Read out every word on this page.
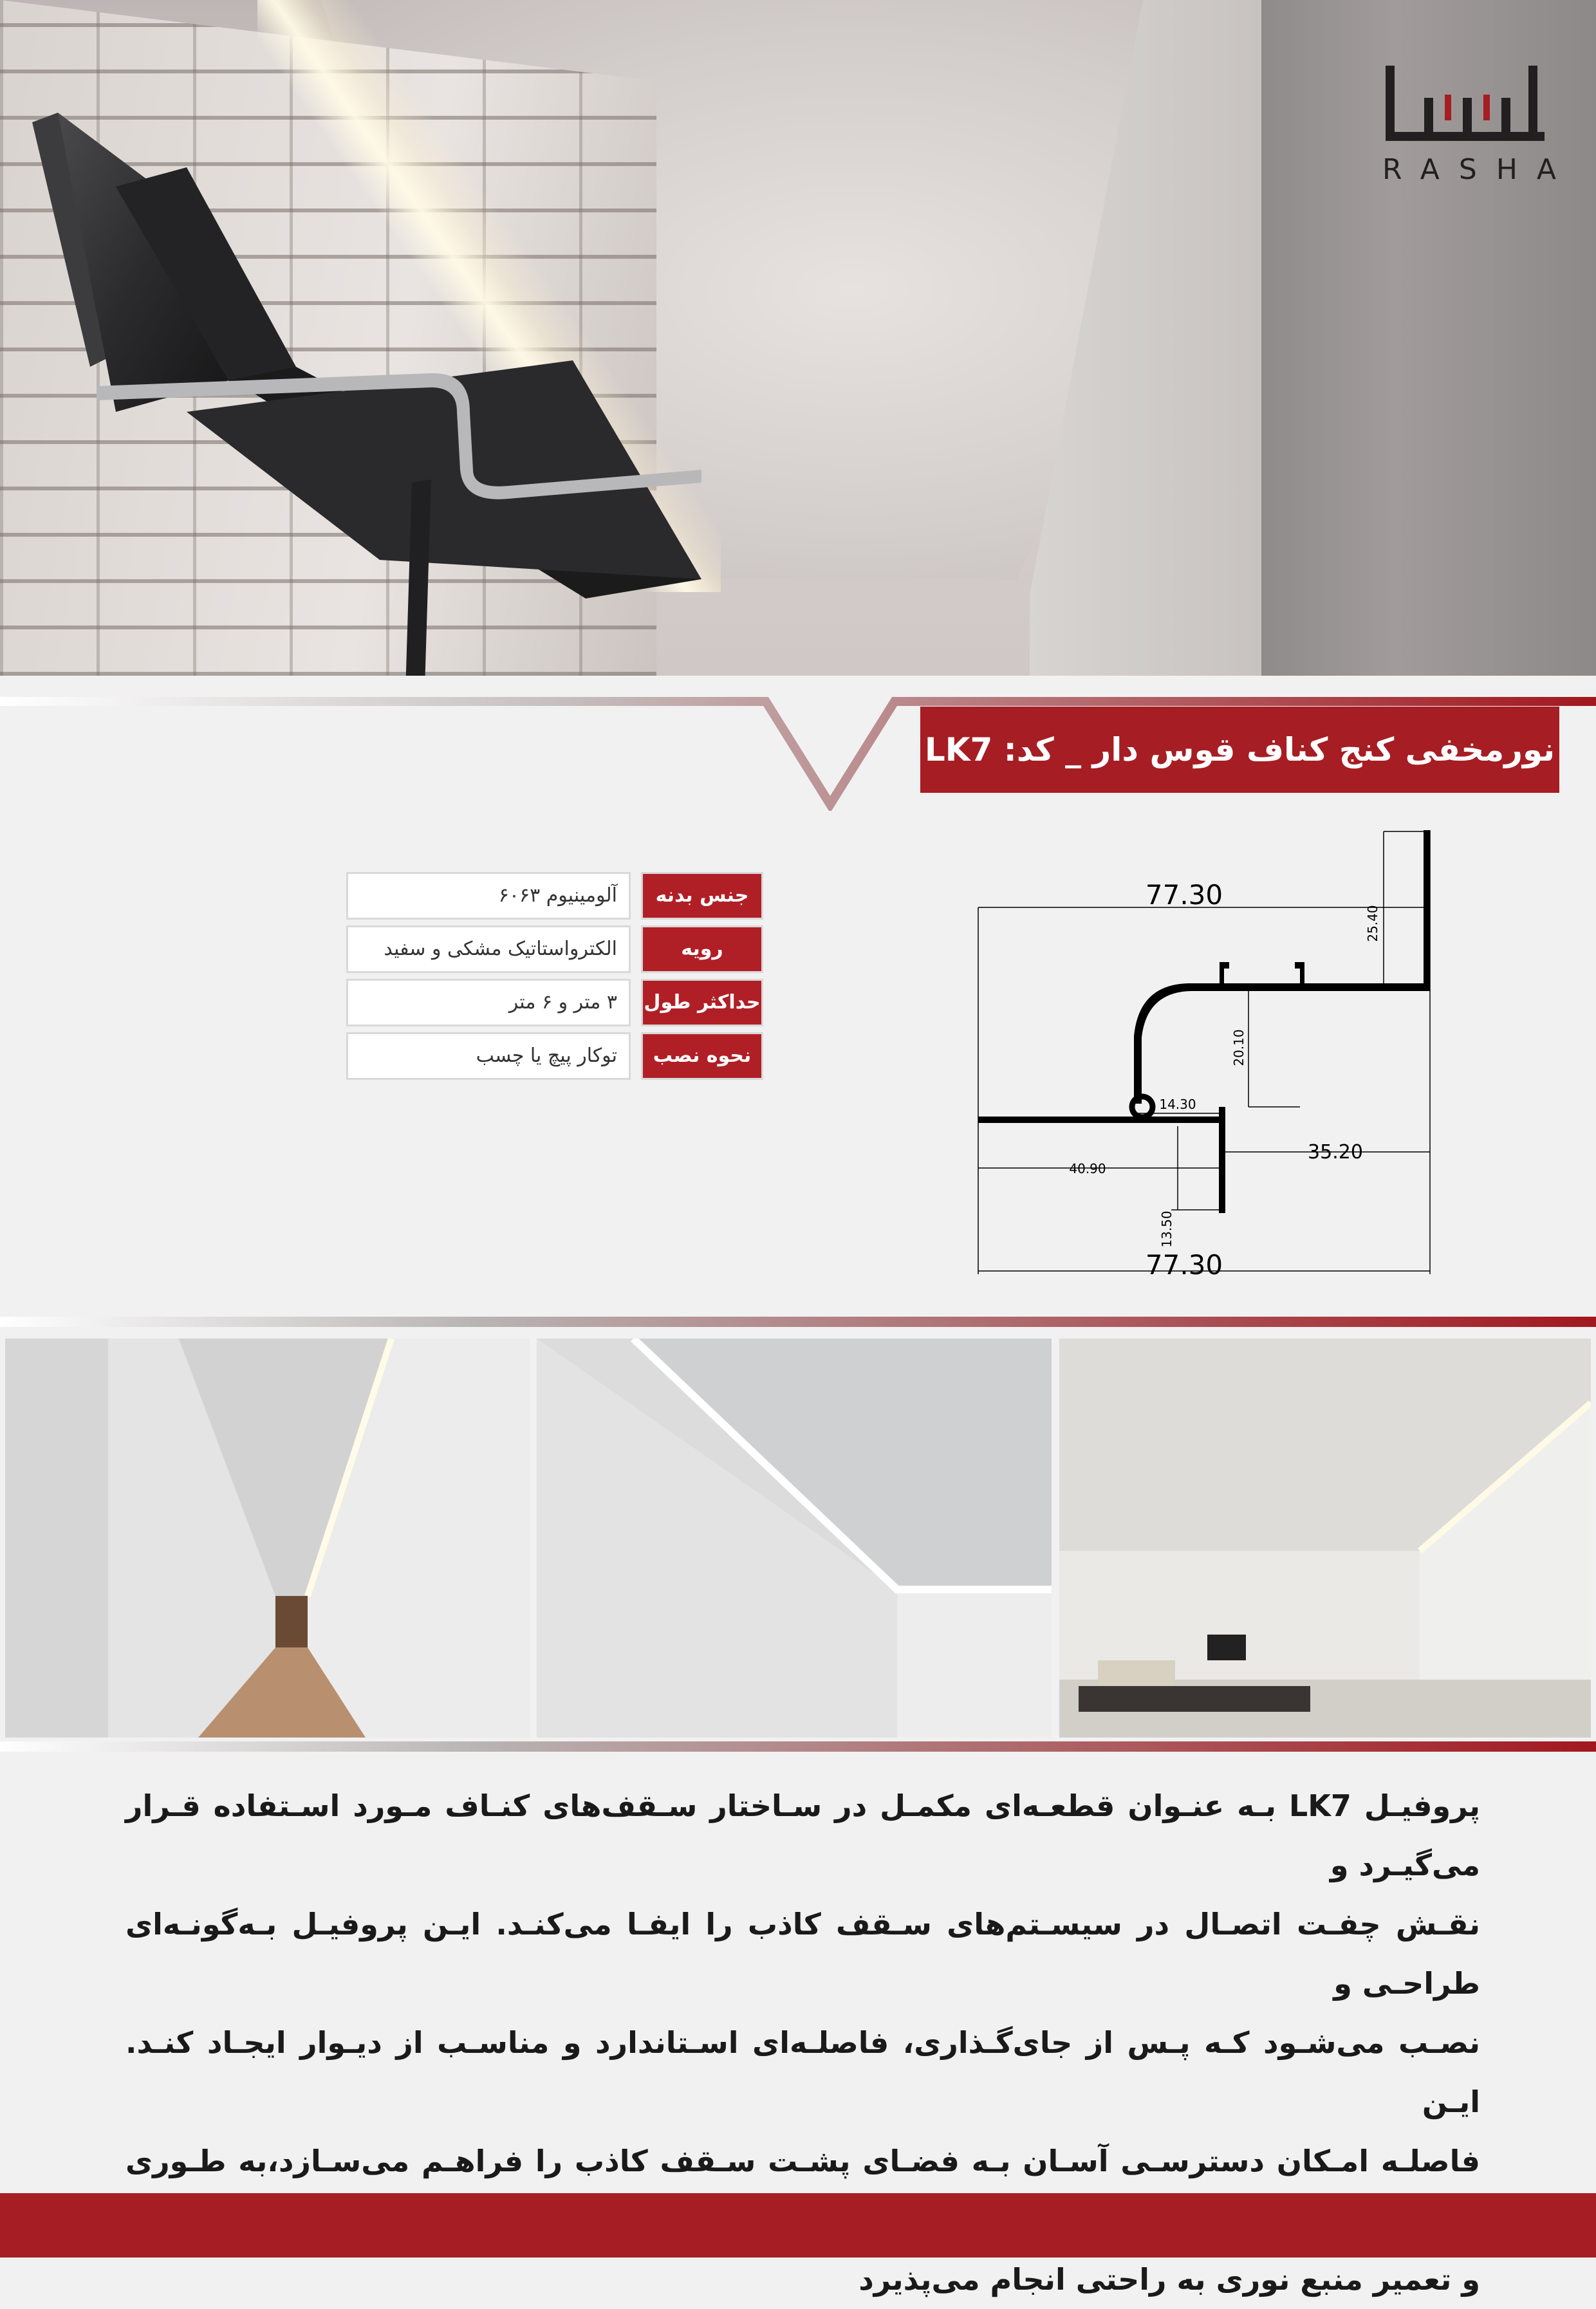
RASHA
نورمخفی کنج کناف قوس دار _ کد: LK7
جنس بدنه
آلومینیوم ۶۰۶۳
رویه
الکترواستاتیک مشکی و سفید
حداکثر طول
۳ متر و ۶ متر
نحوه نصب
توکار پیچ یا چسب
77.30
77.30
25.40
20.10
14.30
40.90
35.20
13.50

پروفیـل LK7 بـه عنـوان قطعـه‌ای مکمـل در سـاختار سـقف‌های کنـاف مـورد اسـتفاده قـرار می‌گیـرد و

نقـش چفـت اتصـال در سیسـتم‌های سـقف کاذب را ایفـا می‌کنـد. ایـن پروفیـل بـه‌گونـه‌ای طراحـی و

نصـب می‌شـود کـه پـس از جای‌گـذاری، فاصلـه‌ای اسـتاندارد و مناسـب از دیـوار ایجـاد کنـد. ایـن

فاصلـه امـکان دسترسـی آسـان بـه فضـای پشـت سـقف کاذب را فراهـم می‌سـازد،به طـوری

و تعمیر منبع نوری به راحتی انجام می‌پذیرد
